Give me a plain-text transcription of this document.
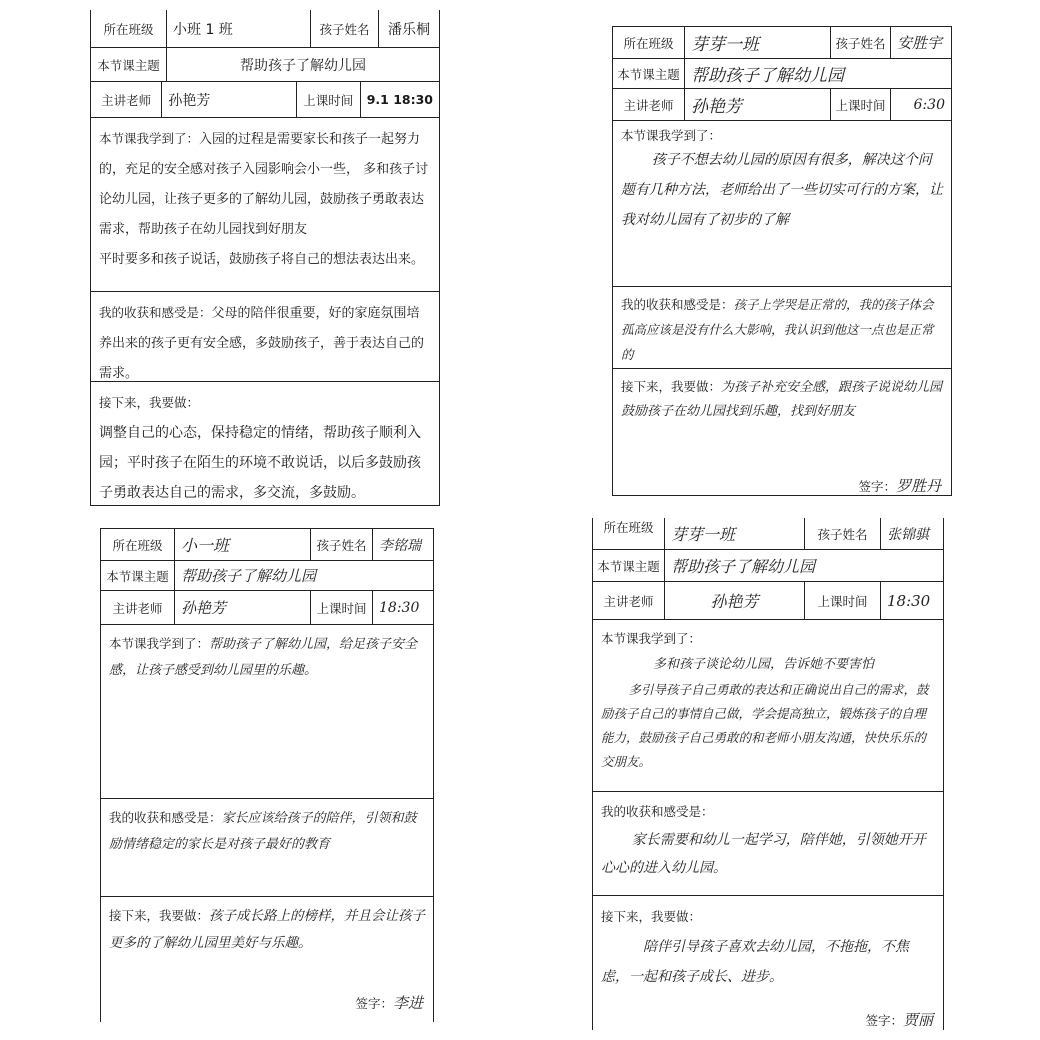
所在班级	小班 1 班	孩子姓名	潘乐桐
本节课主题	帮助孩子了解幼儿园
主讲老师	孙艳芳	上课时间	9.1 18:30
本节课我学到了：入园的过程是需要家长和孩子一起努力的，充足的安全感对孩子入园影响会小一些， 多和孩子讨论幼儿园，让孩子更多的了解幼儿园，鼓励孩子勇敢表达需求，帮助孩子在幼儿园找到好朋友
平时要多和孩子说话，鼓励孩子将自己的想法表达出来。
我的收获和感受是：父母的陪伴很重要，好的家庭氛围培养出来的孩子更有安全感，多鼓励孩子，善于表达自己的需求。
接下来，我要做：
调整自己的心态，保持稳定的情绪，帮助孩子顺利入园；平时孩子在陌生的环境不敢说话，以后多鼓励孩子勇敢表达自己的需求，多交流，多鼓励。
所在班级	芽芽一班	孩子姓名 安胜宇
本节课主题 帮助孩子了解幼儿园
主讲老师	孙艳芳	上课时间	6:30
本节课我学到了：
孩子不想去幼儿园的原因有很多，解决这个问题有几种方法，老师给出了一些切实可行的方案，让我对幼儿园有了初步的了解
我的收获和感受是：孩子上学哭是正常的，我的孩子体会孤高应该是没有什么大影响，我认识到他这一点也是正常的
接下来，我要做：为孩子补充安全感，跟孩子说说幼儿园鼓励孩子在幼儿园找到乐趣，找到好朋友
签字：罗胜丹
所在班级	小一班	孩子姓名 李铭瑞
本节课主题 帮助孩子了解幼儿园
主讲老师	孙艳芳	上课时间 18:30
本节课我学到了：帮助孩子了解幼儿园，给足孩子安全感，让孩子感受到幼儿园里的乐趣。
我的收获和感受是：家长应该给孩子的陪伴，引领和鼓励情绪稳定的家长是对孩子最好的教育
接下来，我要做：孩子成长路上的榜样，并且会让孩子更多的了解幼儿园里美好与乐趣。
签字：李进
所在班级	芽芽一班	孩子姓名	张锦骐
本节课主题 帮助孩子了解幼儿园
主讲老师	孙艳芳	上课时间	18:30
本节课我学到了：
多和孩子谈论幼儿园，告诉她不要害怕
多引导孩子自己勇敢的表达和正确说出自己的需求，鼓励孩子自己的事情自己做，学会提高独立，锻炼孩子的自理能力，鼓励孩子自己勇敢的和老师小朋友沟通，快快乐乐的交朋友。
我的收获和感受是：
家长需要和幼儿一起学习，陪伴她，引领她开开心心的进入幼儿园。
接下来，我要做：
陪伴引导孩子喜欢去幼儿园，不拖拖，不焦虑，一起和孩子成长、进步。
签字：贾丽
